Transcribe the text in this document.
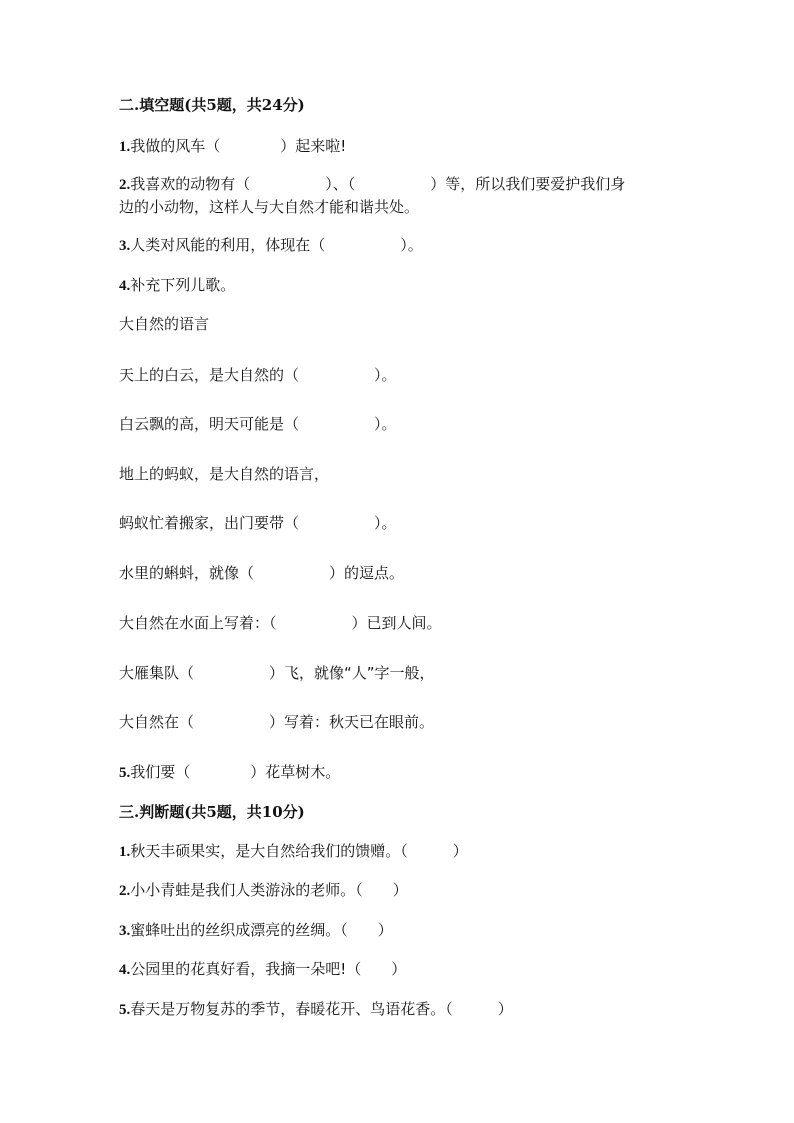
二.填空题(共5题，共24分)
1.我做的风车（　　　　）起来啦!
2.我喜欢的动物有（　　　　　）、（　　　　　）等，所以我们要爱护我们身
边的小动物，这样人与大自然才能和谐共处。
3.人类对风能的利用，体现在（　　　　　）。
4.补充下列儿歌。
大自然的语言
天上的白云，是大自然的（　　　　　）。
白云飘的高，明天可能是（　　　　　）。
地上的蚂蚁，是大自然的语言，
蚂蚁忙着搬家，出门要带（　　　　　）。
水里的蝌蚪，就像（　　　　　）的逗点。
大自然在水面上写着：（　　　　　）已到人间。
大雁集队（　　　　　）飞，就像“人”字一般，
大自然在（　　　　　）写着：秋天已在眼前。
5.我们要（　　　　）花草树木。
三.判断题(共5题，共10分)
1.秋天丰硕果实，是大自然给我们的馈赠。（　　　）
2.小小青蛙是我们人类游泳的老师。（　　）
3.蜜蜂吐出的丝织成漂亮的丝绸。（　　）
4.公园里的花真好看，我摘一朵吧!（　　）
5.春天是万物复苏的季节，春暖花开、鸟语花香。（　　　）
